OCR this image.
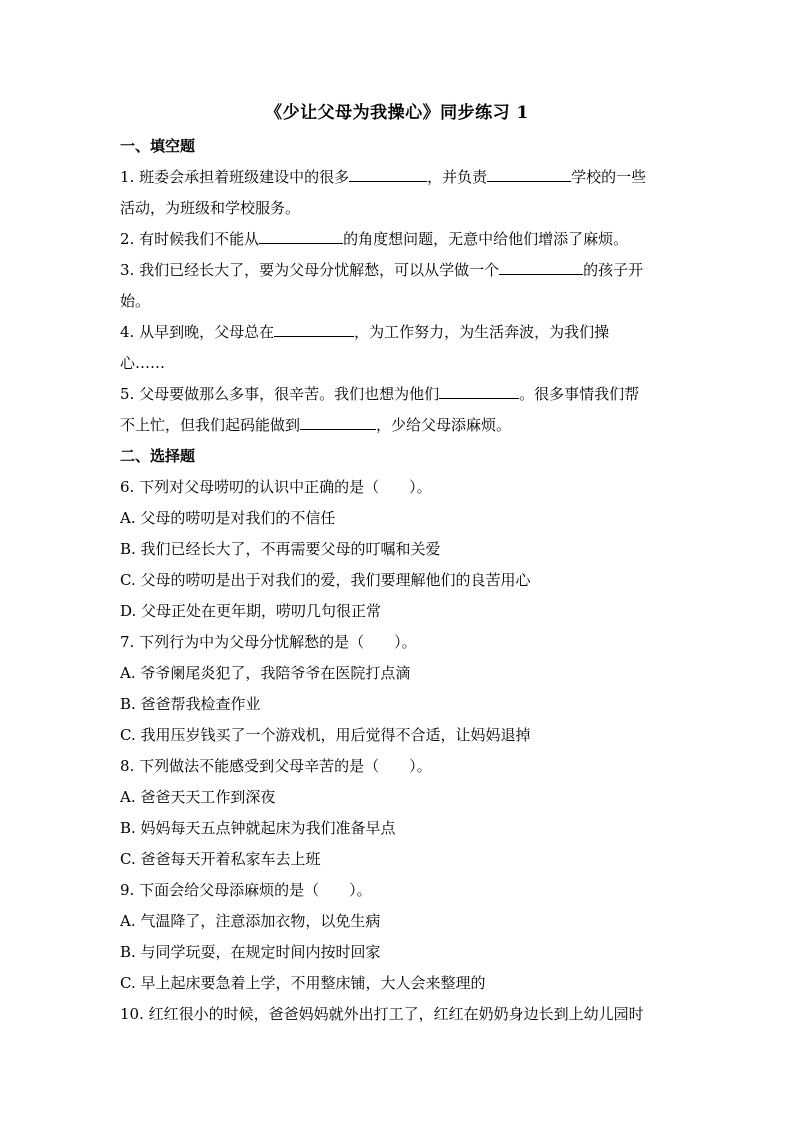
《少让父母为我操心》同步练习 1
一、填空题
1. 班委会承担着班级建设中的很多	，并负责	学校的一些
活动，为班级和学校服务。
2. 有时候我们不能从	的角度想问题，无意中给他们增添了麻烦。
3. 我们已经长大了，要为父母分忧解愁，可以从学做一个	的孩子开
始。
4. 从早到晚，父母总在	，为工作努力，为生活奔波，为我们操
心……
5. 父母要做那么多事，很辛苦。我们也想为他们	。很多事情我们帮
不上忙，但我们起码能做到	，少给父母添麻烦。
二、选择题
6. 下列对父母唠叨的认识中正确的是（　　）。
A. 父母的唠叨是对我们的不信任
B. 我们已经长大了，不再需要父母的叮嘱和关爱
C. 父母的唠叨是出于对我们的爱，我们要理解他们的良苦用心
D. 父母正处在更年期，唠叨几句很正常
7. 下列行为中为父母分忧解愁的是（　　）。
A. 爷爷阑尾炎犯了，我陪爷爷在医院打点滴
B. 爸爸帮我检查作业
C. 我用压岁钱买了一个游戏机，用后觉得不合适，让妈妈退掉
8. 下列做法不能感受到父母辛苦的是（　　）。
A. 爸爸天天工作到深夜
B. 妈妈每天五点钟就起床为我们准备早点
C. 爸爸每天开着私家车去上班
9. 下面会给父母添麻烦的是（　　）。
A. 气温降了，注意添加衣物，以免生病
B. 与同学玩耍，在规定时间内按时回家
C. 早上起床要急着上学，不用整床铺，大人会来整理的
10. 红红很小的时候，爸爸妈妈就外出打工了，红红在奶奶身边长到上幼儿园时
